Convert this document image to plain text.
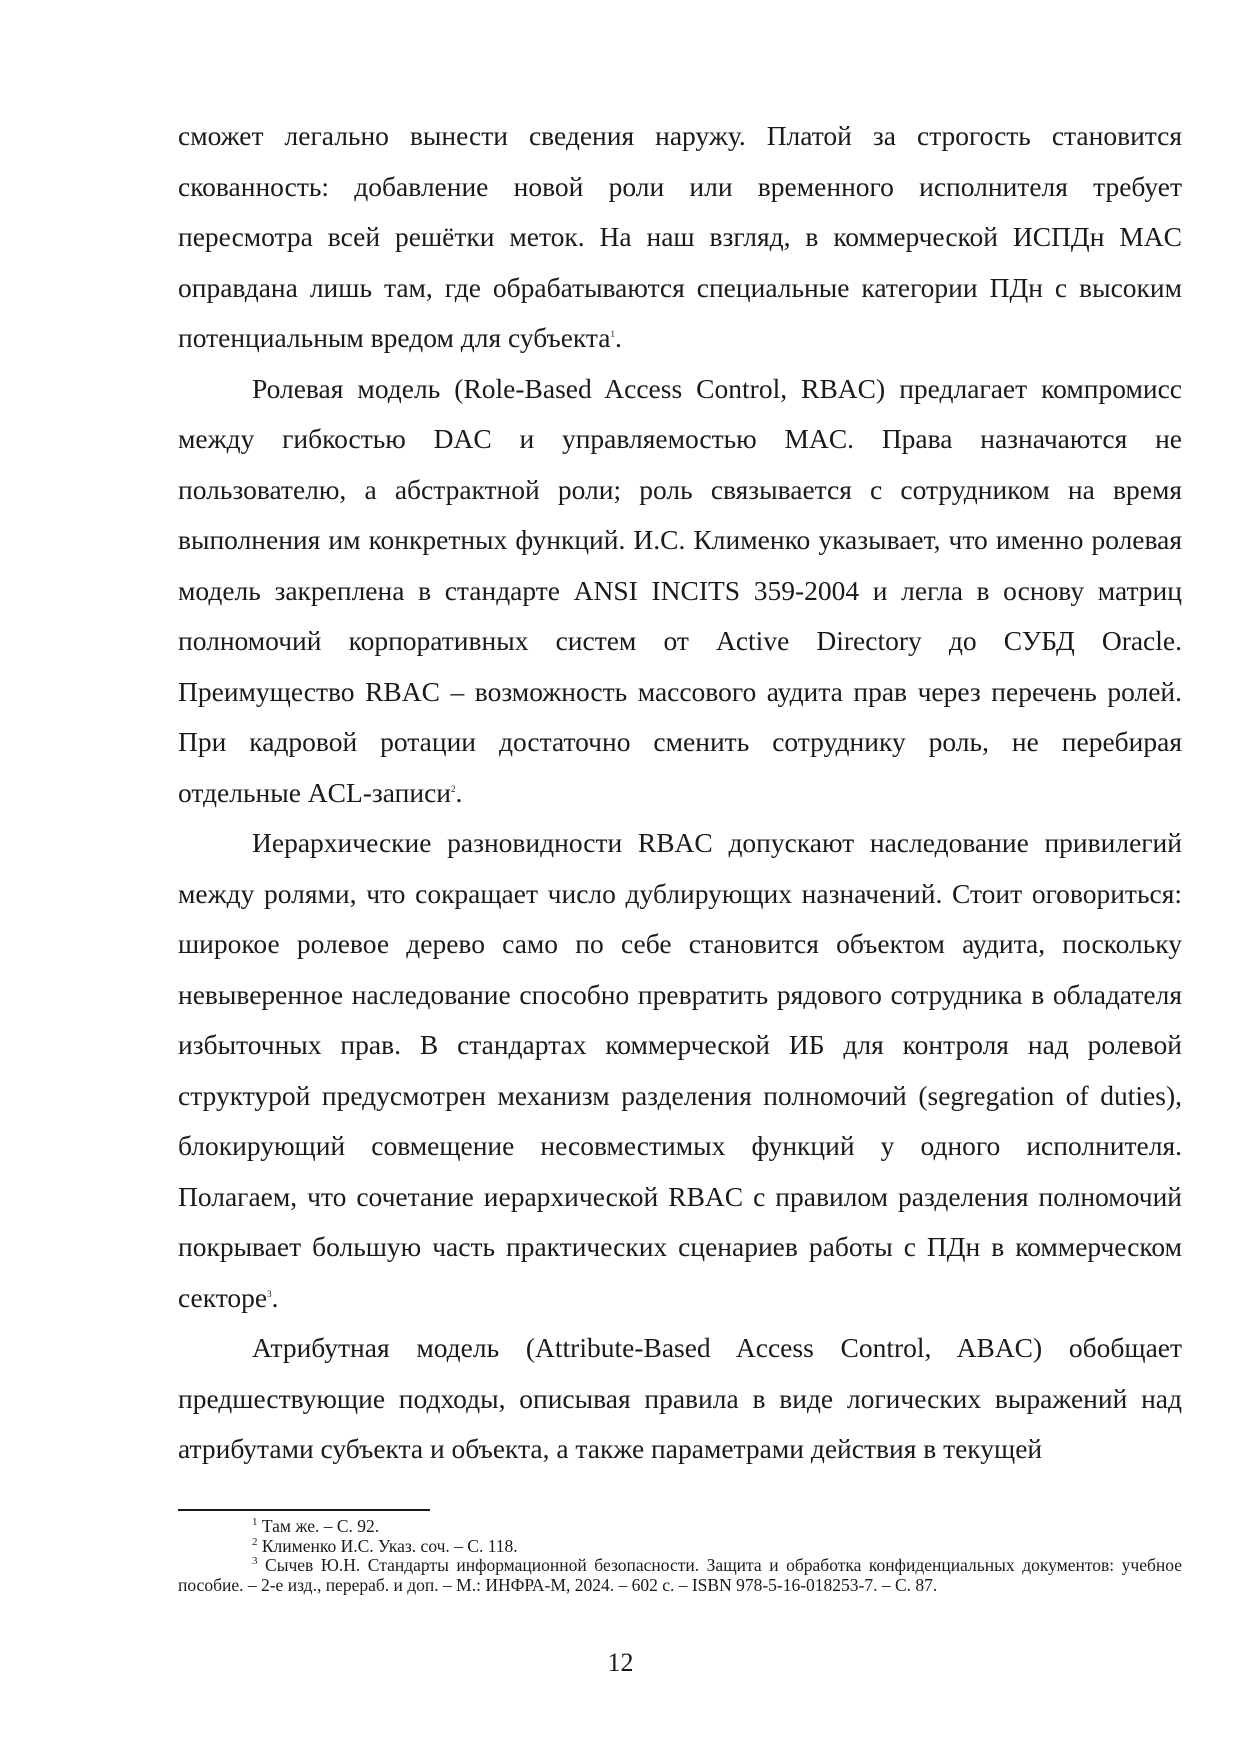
сможет легально вынести сведения наружу. Платой за строгость становится скованность: добавление новой роли или временного исполнителя требует пересмотра всей решётки меток. На наш взгляд, в коммерческой ИСПДн MAC оправдана лишь там, где обрабатываются специальные категории ПДн с высоким потенциальным вредом для субъекта$^1$.

Ролевая модель (Role-Based Access Control, RBAC) предлагает компромисс между гибкостью DAC и управляемостью MAC. Права назначаются не пользователю, а абстрактной роли; роль связывается с сотрудником на время выполнения им конкретных функций. И.С. Клименко указывает, что именно ролевая модель закреплена в стандарте ANSI INCITS 359-2004 и легла в основу матриц полномочий корпоративных систем от Active Directory до СУБД Oracle. Преимущество RBAC – возможность массового аудита прав через перечень ролей. При кадровой ротации достаточно сменить сотруднику роль, не перебирая отдельные ACL-записи$^2$.

Иерархические разновидности RBAC допускают наследование привилегий между ролями, что сокращает число дублирующих назначений. Стоит оговориться: широкое ролевое дерево само по себе становится объектом аудита, поскольку невыверенное наследование способно превратить рядового сотрудника в обладателя избыточных прав. В стандартах коммерческой ИБ для контроля над ролевой структурой предусмотрен механизм разделения полномочий (segregation of duties), блокирующий совмещение несовместимых функций у одного исполнителя. Полагаем, что сочетание иерархической RBAC с правилом разделения полномочий покрывает большую часть практических сценариев работы с ПДн в коммерческом секторе$^3$.

Атрибутная модель (Attribute-Based Access Control, ABAC) обобщает предшествующие подходы, описывая правила в виде логических выражений над атрибутами субъекта и объекта, а также параметрами действия в текущей

$^1$ Там же. – С. 92.

$^2$ Клименко И.С. Указ. соч. – С. 118.

$^3$ Сычев Ю.Н. Стандарты информационной безопасности. Защита и обработка конфиденциальных документов: учебное пособие. – 2-е изд., перераб. и доп. – М.: ИНФРА-М, 2024. – 602 с. – ISBN 978-5-16-018253-7. – С. 87.

12
